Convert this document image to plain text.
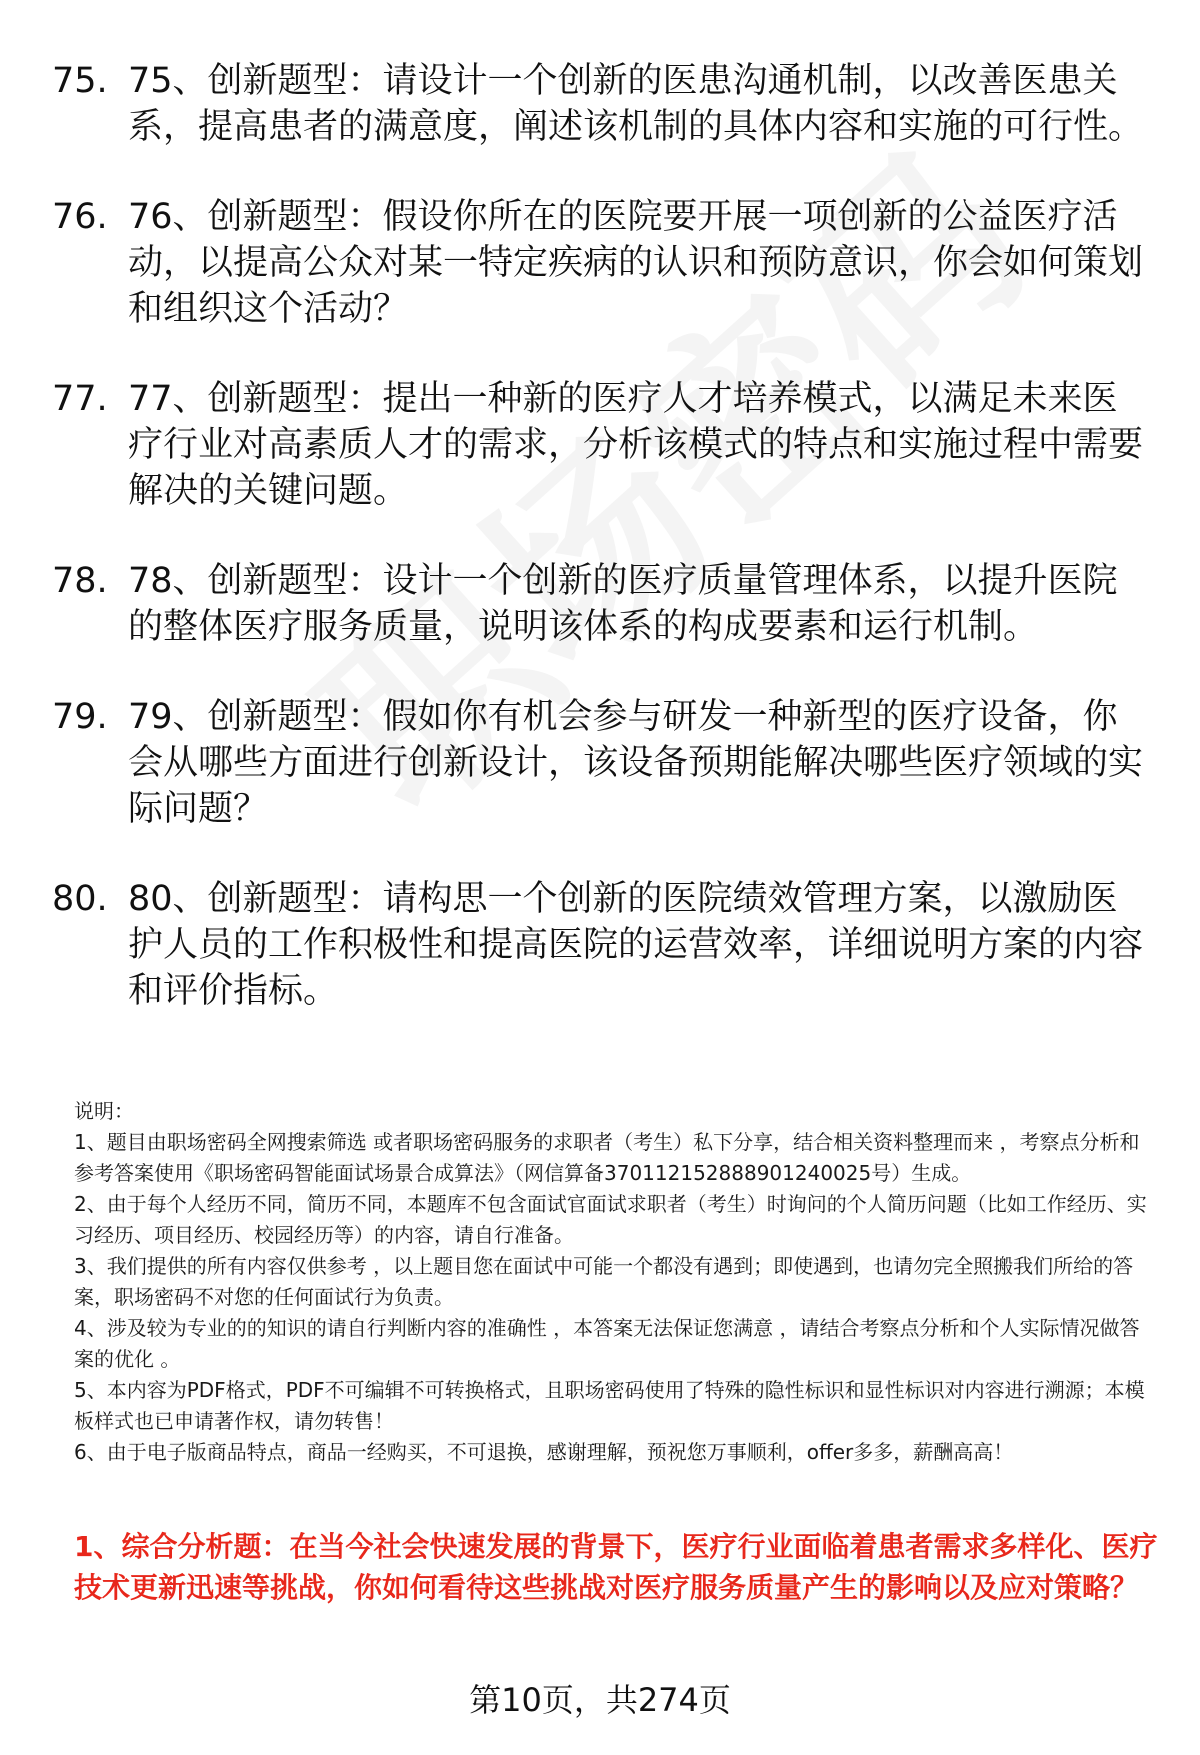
75. 75、创新题型：请设计一个创新的医患沟通机制，以改善医患关系，提高患者的满意度，阐述该机制的具体内容和实施的可行性。
76. 76、创新题型：假设你所在的医院要开展一项创新的公益医疗活动，以提高公众对某一特定疾病的认识和预防意识，你会如何策划和组织这个活动？
77. 77、创新题型：提出一种新的医疗人才培养模式，以满足未来医疗行业对高素质人才的需求，分析该模式的特点和实施过程中需要解决的关键问题。
78. 78、创新题型：设计一个创新的医疗质量管理体系，以提升医院的整体医疗服务质量，说明该体系的构成要素和运行机制。
79. 79、创新题型：假如你有机会参与研发一种新型的医疗设备，你会从哪些方面进行创新设计，该设备预期能解决哪些医疗领域的实际问题？
80. 80、创新题型：请构思一个创新的医院绩效管理方案，以激励医护人员的工作积极性和提高医院的运营效率，详细说明方案的内容和评价指标。

说明：

1、题目由职场密码全网搜索筛选 或者职场密码服务的求职者（考生）私下分享，结合相关资料整理而来 ，考察点分析和参考答案使用《职场密码智能面试场景合成算法》（网信算备370112152888901240025号）生成。

2、由于每个人经历不同，简历不同，本题库不包含面试官面试求职者（考生）时询问的个人简历问题（比如工作经历、实习经历、项目经历、校园经历等）的内容，请自行准备。

3、我们提供的所有内容仅供参考 ，以上题目您在面试中可能一个都没有遇到；即使遇到，也请勿完全照搬我们所给的答案，职场密码不对您的任何面试行为负责。

4、涉及较为专业的的知识的请自行判断内容的准确性 ，本答案无法保证您满意 ，请结合考察点分析和个人实际情况做答案的优化 。

5、本内容为PDF格式，PDF不可编辑不可转换格式，且职场密码使用了特殊的隐性标识和显性标识对内容进行溯源；本模板样式也已申请著作权，请勿转售！

6、由于电子版商品特点，商品一经购买，不可退换，感谢理解，预祝您万事顺利，offer多多，薪酬高高！

1、综合分析题：在当今社会快速发展的背景下，医疗行业面临着患者需求多样化、医疗技术更新迅速等挑战，你如何看待这些挑战对医疗服务质量产生的影响以及应对策略？
第10页，共274页
